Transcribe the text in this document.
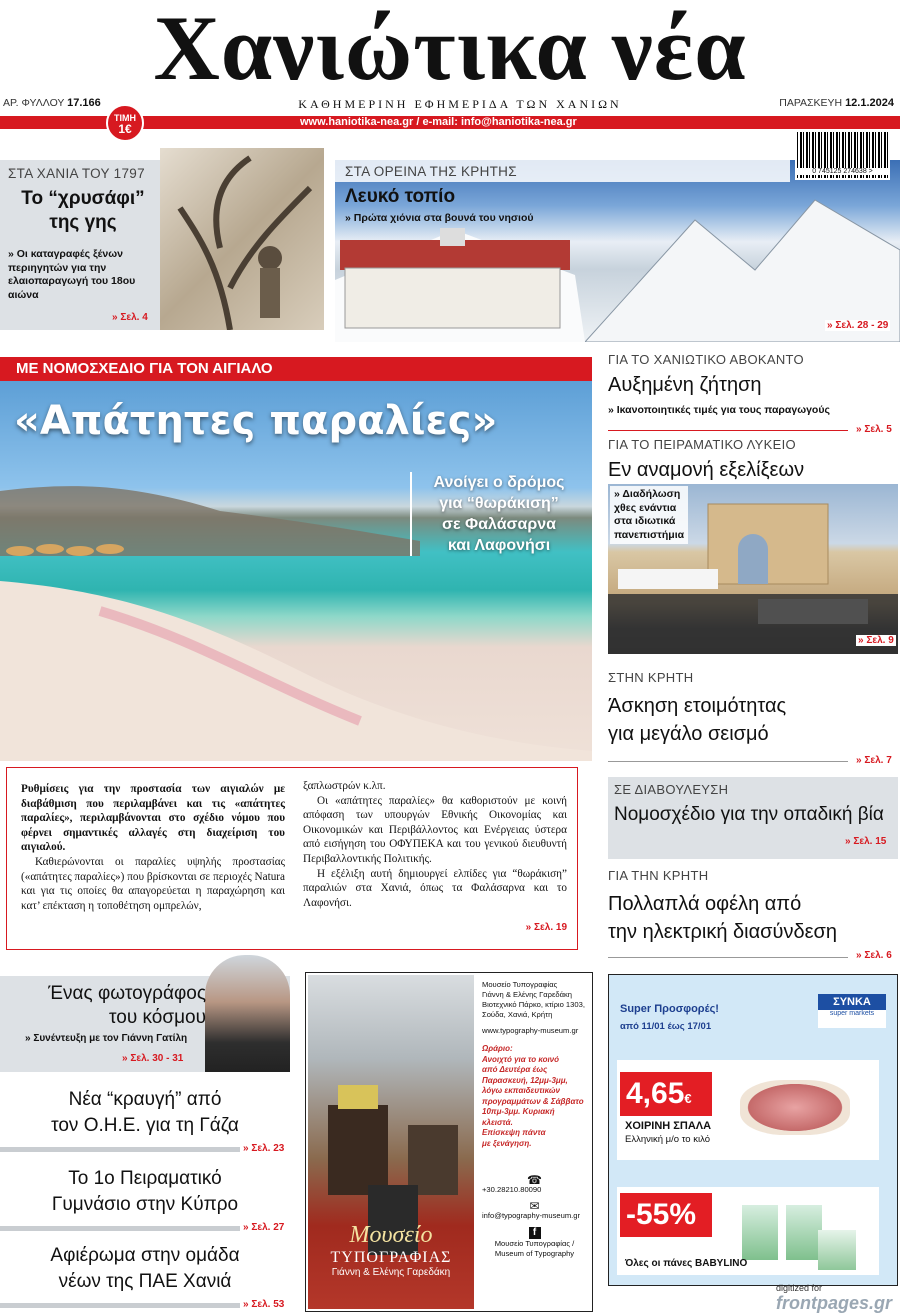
Χανιώτικα νέα
ΑΡ. ΦΥΛΛΟΥ 17.166	ΚΑΘΗΜΕΡΙΝΗ ΕΦΗΜΕΡΙΔΑ ΤΩΝ ΧΑΝΙΩΝ	ΠΑΡΑΣΚΕΥΗ 12.1.2024
ΤΙΜΗ
1€	www.haniotika-nea.gr / e-mail: info@haniotika-nea.gr
ΣΤΑ ΧΑΝΙΑ ΤΟΥ 1797
Το “χρυσάφι”
της γης
» Οι καταγραφές ξένων περιηγητών για την ελαιοπαραγωγή του 18ου αιώνα
» Σελ. 4
ΣΤΑ ΟΡΕΙΝΑ ΤΗΣ ΚΡΗΤΗΣ
Λευκό τοπίο
» Πρώτα χιόνια στα βουνά του νησιού
» Σελ. 28 - 29
0 745125 274638 >
ΜΕ ΝΟΜΟΣΧΕΔΙΟ ΓΙΑ ΤΟΝ ΑΙΓΙΑΛΟ
«Απάτητες παραλίες»
Ανοίγει ο δρόμος
για “θωράκιση”
σε Φαλάσαρνα
και Λαφονήσι

Ρυθμίσεις για την προστασία των αιγιαλών με διαβάθμιση που περιλαμβάνει και τις «απάτητες παραλίες», περιλαμβάνονται στο σχέδιο νόμου που φέρνει σημαντικές αλλαγές στη διαχείριση του αιγιαλού.

Καθιερώνονται οι παραλίες υψηλής προστασίας («απάτητες παραλίες») που βρίσκονται σε περιοχές Natura και για τις οποίες θα απαγορεύεται η παραχώρηση και κατ’ επέκταση η τοποθέτηση ομπρελών,

ξαπλωστρών κ.λπ.

Οι «απάτητες παραλίες» θα καθοριστούν με κοινή απόφαση των υπουργών Εθνικής Οικονομίας και Οικονομικών και Περιβάλλοντος και Ενέργειας ύστερα από εισήγηση του ΟΦΥΠΕΚΑ και του γενικού διευθυντή Περιβαλλοντικής Πολιτικής.

Η εξέλιξη αυτή δημιουργεί ελπίδες για “θωράκιση” παραλιών στα Χανιά, όπως τα Φαλάσαρνα και το Λαφονήσι.

» Σελ. 19
ΓΙΑ ΤΟ ΧΑΝΙΩΤΙΚΟ ΑΒΟΚΑΝΤΟ
Αυξημένη ζήτηση
» Ικανοποιητικές τιμές για τους παραγωγούς
» Σελ. 5
ΓΙΑ ΤΟ ΠΕΙΡΑΜΑΤΙΚΟ ΛΥΚΕΙΟ
Εν αναμονή εξελίξεων
» Διαδήλωση
χθες ενάντια
στα ιδιωτικά
πανεπιστήμια
» Σελ. 9
ΣΤΗΝ ΚΡΗΤΗ
Άσκηση ετοιμότητας
για μεγάλο σεισμό
» Σελ. 7
ΣΕ ΔΙΑΒΟΥΛΕΥΣΗ
Νομοσχέδιο για την οπαδική βία
» Σελ. 15
ΓΙΑ ΤΗΝ ΚΡΗΤΗ
Πολλαπλά οφέλη από
την ηλεκτρική διασύνδεση
» Σελ. 6
Ένας φωτογράφος
του κόσμου
» Συνέντευξη με τον Γιάννη Γατίλη
» Σελ. 30 - 31
Νέα “κραυγή” από
τον Ο.Η.Ε. για τη Γάζα
» Σελ. 23
Το 1ο Πειραματικό
Γυμνάσιο στην Κύπρο
» Σελ. 27
Αφιέρωμα στην ομάδα
νέων της ΠΑΕ Χανιά
» Σελ. 53
Μουσείο
ΤΥΠΟΓΡΑΦΙΑΣ
Γιάννη & Ελένης Γαρεδάκη
Μουσείο Τυπογραφίας
Γιάννη & Ελένης Γαρεδάκη
Βιοτεχνικό Πάρκο, κτίριο 1303,
Σούδα, Χανιά, Κρήτη
www.typography-museum.gr
Ωράριο:
Ανοιχτό για το κοινό
από Δευτέρα έως
Παρασκευή, 12μμ-3μμ,
λόγω εκπαιδευτικών
προγραμμάτων & Σάββατο
10πμ-3μμ. Κυριακή κλειστά.
Επίσκεψη πάντα
με ξενάγηση.
☎
+30.28210.80090
✉
info@typography-museum.gr
f
Μουσείο Τυπογραφίας /
Museum of Typography
Super Προσφορές!
από 11/01 έως 17/01
ΣΥΝΚΑ
super markets
4,65€
ΧΟΙΡΙΝΗ ΣΠΑΛΑ
Ελληνική μ/ο το κιλό
-55%
Όλες οι πάνες BABYLINO
digitized for
frontpages.gr
